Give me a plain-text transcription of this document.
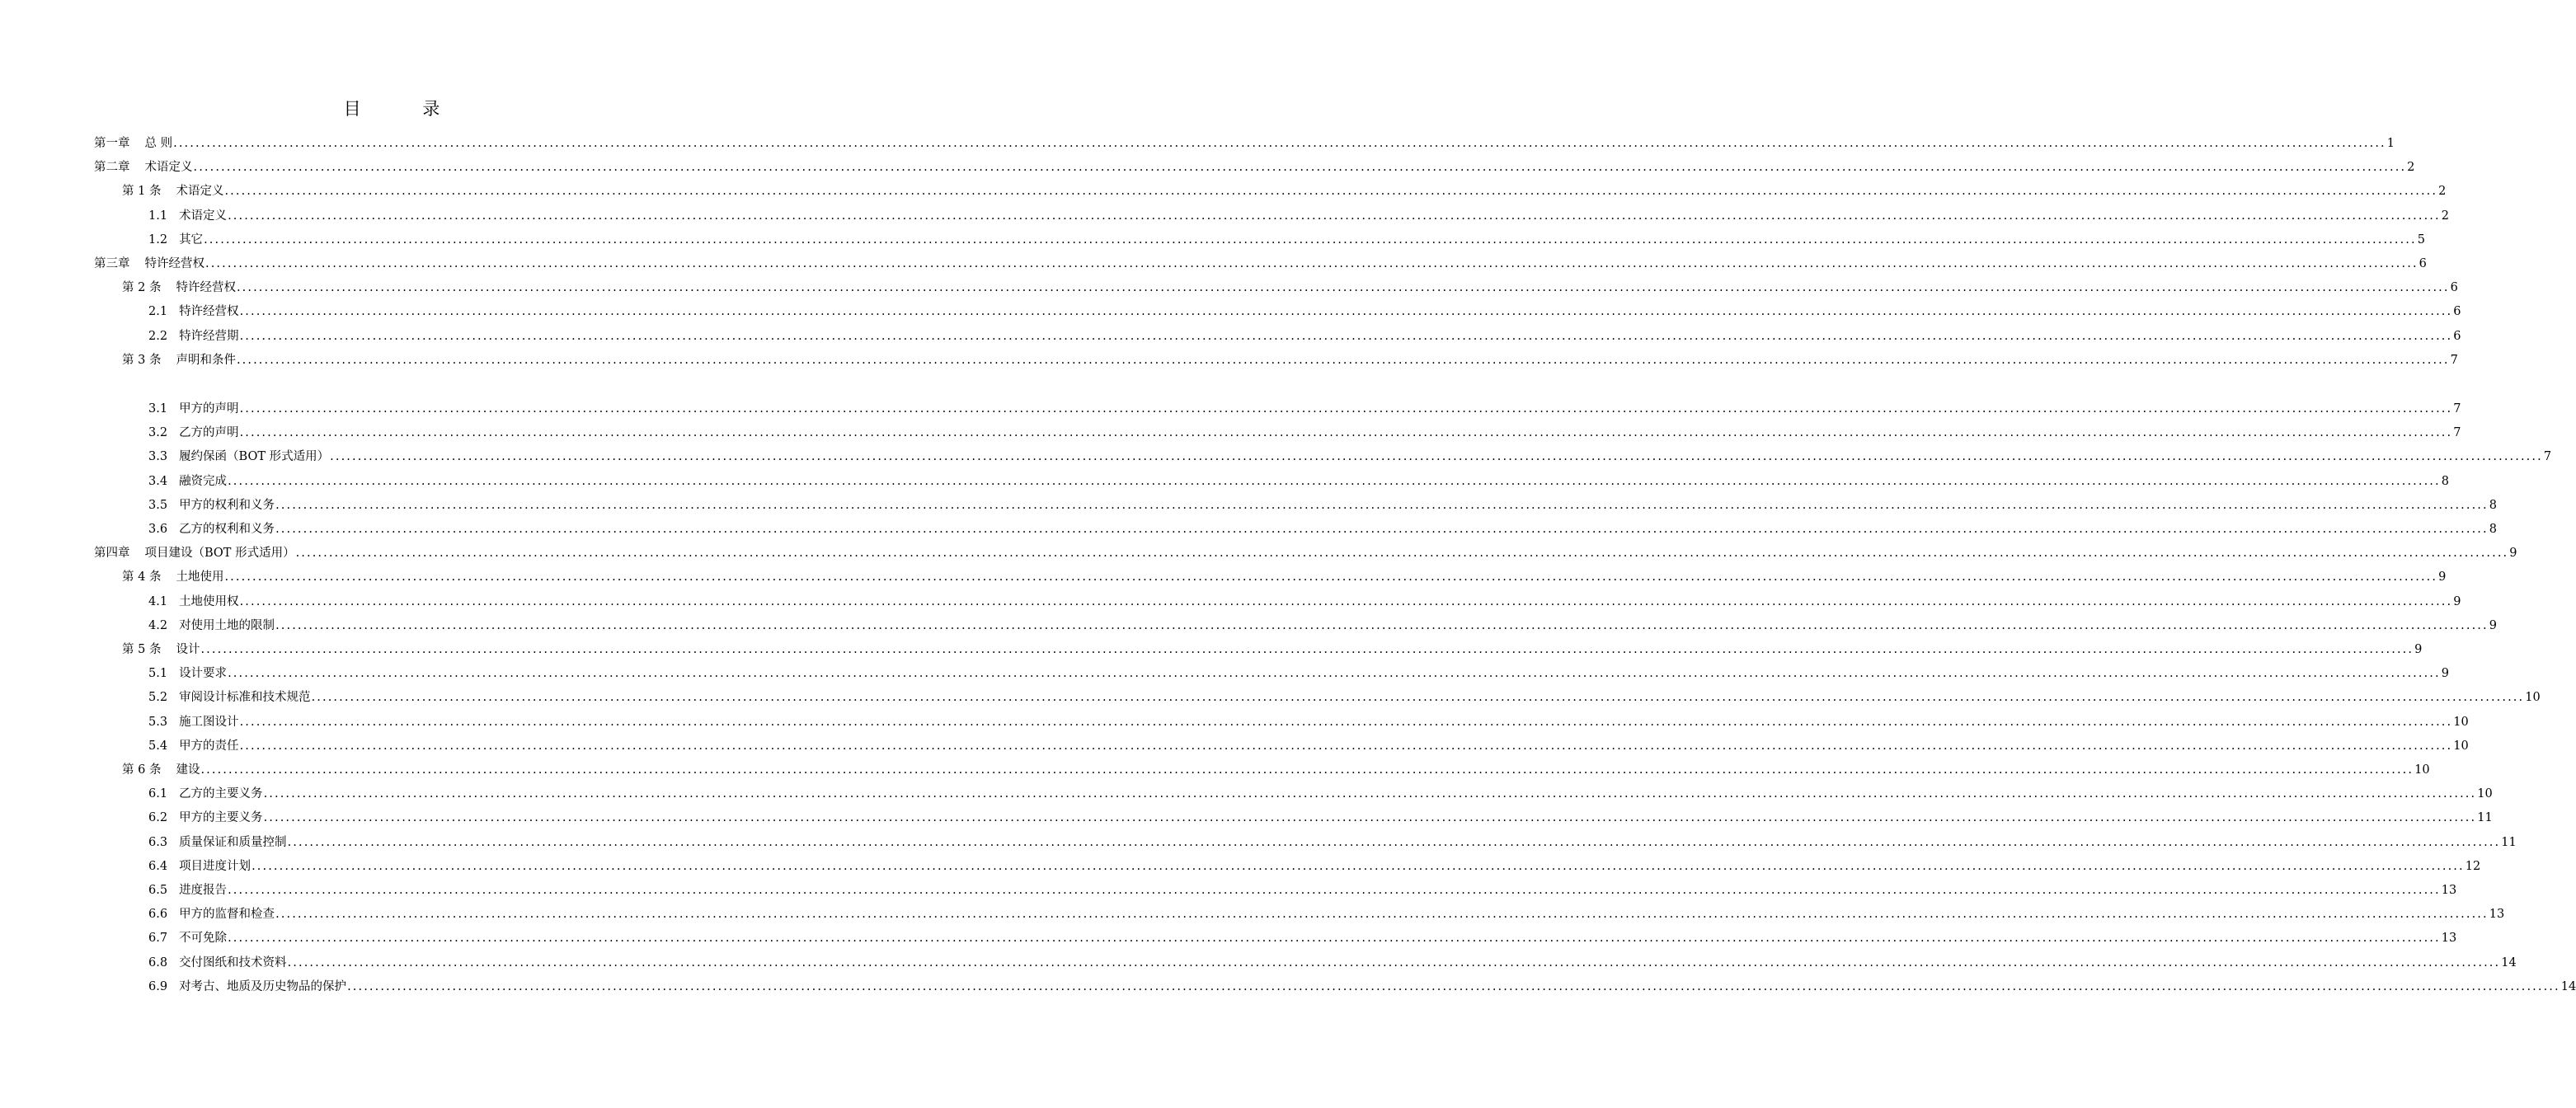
目 录
第一章 总 则 ................................................................................................................................................................................................................................................................................................................................................................................................................ 1
第二章 术语定义 ................................................................................................................................................................................................................................................................................................................................................................................................................ 2
第 1 条 术语定义 ................................................................................................................................................................................................................................................................................................................................................................................................................ 2
1.1 术语定义 ................................................................................................................................................................................................................................................................................................................................................................................................................ 2
1.2 其它 ................................................................................................................................................................................................................................................................................................................................................................................................................ 5
第三章 特许经营权 ................................................................................................................................................................................................................................................................................................................................................................................................................ 6
第 2 条 特许经营权 ................................................................................................................................................................................................................................................................................................................................................................................................................ 6
2.1 特许经营权 ................................................................................................................................................................................................................................................................................................................................................................................................................ 6
2.2 特许经营期 ................................................................................................................................................................................................................................................................................................................................................................................................................ 6
第 3 条 声明和条件 ................................................................................................................................................................................................................................................................................................................................................................................................................ 7
3.1 甲方的声明 ................................................................................................................................................................................................................................................................................................................................................................................................................ 7
3.2 乙方的声明 ................................................................................................................................................................................................................................................................................................................................................................................................................ 7
3.3 履约保函（BOT 形式适用） ................................................................................................................................................................................................................................................................................................................................................................................................................ 7
3.4 融资完成 ................................................................................................................................................................................................................................................................................................................................................................................................................ 8
3.5 甲方的权利和义务 ................................................................................................................................................................................................................................................................................................................................................................................................................ 8
3.6 乙方的权利和义务 ................................................................................................................................................................................................................................................................................................................................................................................................................ 8
第四章 项目建设（BOT 形式适用） ................................................................................................................................................................................................................................................................................................................................................................................................................ 9
第 4 条 土地使用 ................................................................................................................................................................................................................................................................................................................................................................................................................ 9
4.1 土地使用权 ................................................................................................................................................................................................................................................................................................................................................................................................................ 9
4.2 对使用土地的限制 ................................................................................................................................................................................................................................................................................................................................................................................................................ 9
第 5 条 设计 ................................................................................................................................................................................................................................................................................................................................................................................................................ 9
5.1 设计要求 ................................................................................................................................................................................................................................................................................................................................................................................................................ 9
5.2 审阅设计标准和技术规范 ................................................................................................................................................................................................................................................................................................................................................................................................................ 10
5.3 施工图设计 ................................................................................................................................................................................................................................................................................................................................................................................................................ 10
5.4 甲方的责任 ................................................................................................................................................................................................................................................................................................................................................................................................................ 10
第 6 条 建设 ................................................................................................................................................................................................................................................................................................................................................................................................................ 10
6.1 乙方的主要义务 ................................................................................................................................................................................................................................................................................................................................................................................................................ 10
6.2 甲方的主要义务 ................................................................................................................................................................................................................................................................................................................................................................................................................ 11
6.3 质量保证和质量控制 ................................................................................................................................................................................................................................................................................................................................................................................................................ 11
6.4 项目进度计划 ................................................................................................................................................................................................................................................................................................................................................................................................................ 12
6.5 进度报告 ................................................................................................................................................................................................................................................................................................................................................................................................................ 13
6.6 甲方的监督和检查 ................................................................................................................................................................................................................................................................................................................................................................................................................ 13
6.7 不可免除 ................................................................................................................................................................................................................................................................................................................................................................................................................ 13
6.8 交付图纸和技术资料 ................................................................................................................................................................................................................................................................................................................................................................................................................ 14
6.9 对考古、地质及历史物品的保护 ................................................................................................................................................................................................................................................................................................................................................................................................................ 14
